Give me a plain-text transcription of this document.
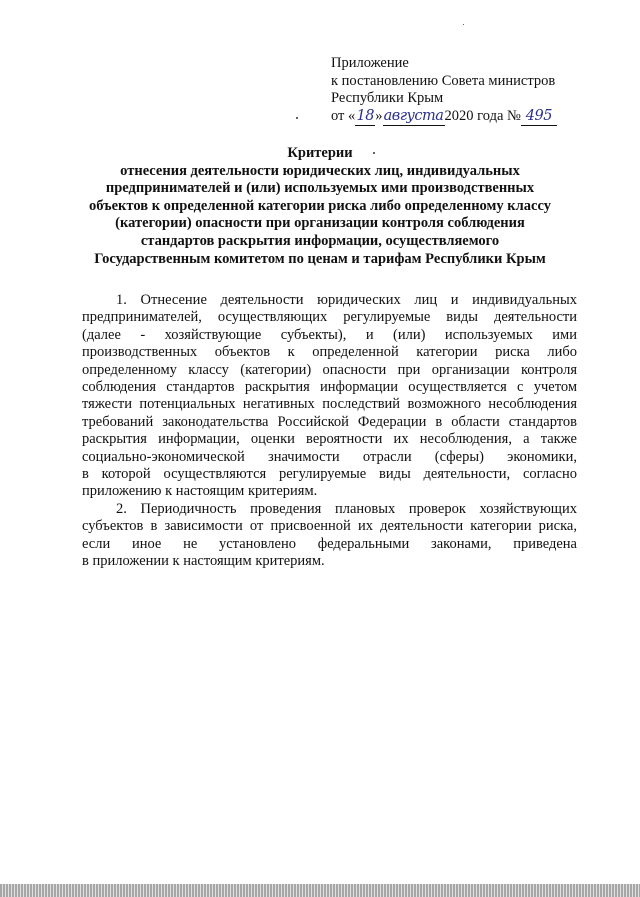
Приложение
к постановлению Совета министров
Республики Крым
от «18»августа2020 года № 495
Критерии
отнесения деятельности юридических лиц, индивидуальных
предпринимателей и (или) используемых ими производственных
объектов к определенной категории риска либо определенному классу
(категории) опасности при организации контроля соблюдения
стандартов раскрытия информации, осуществляемого
Государственным комитетом по ценам и тарифам Республики Крым
1. Отнесение деятельности юридических лиц и индивидуальных
предпринимателей, осуществляющих регулируемые виды деятельности
(далее - хозяйствующие субъекты), и (или) используемых ими
производственных объектов к определенной категории риска либо
определенному классу (категории) опасности при организации контроля
соблюдения стандартов раскрытия информации осуществляется с учетом
тяжести потенциальных негативных последствий возможного несоблюдения
требований законодательства Российской Федерации в области стандартов
раскрытия информации, оценки вероятности их несоблюдения, а также
социально-экономической значимости отрасли (сферы) экономики,
в которой осуществляются регулируемые виды деятельности, согласно
приложению к настоящим критериям.
2. Периодичность проведения плановых проверок хозяйствующих
субъектов в зависимости от присвоенной их деятельности категории риска,
если иное не установлено федеральными законами, приведена
в приложении к настоящим критериям.
